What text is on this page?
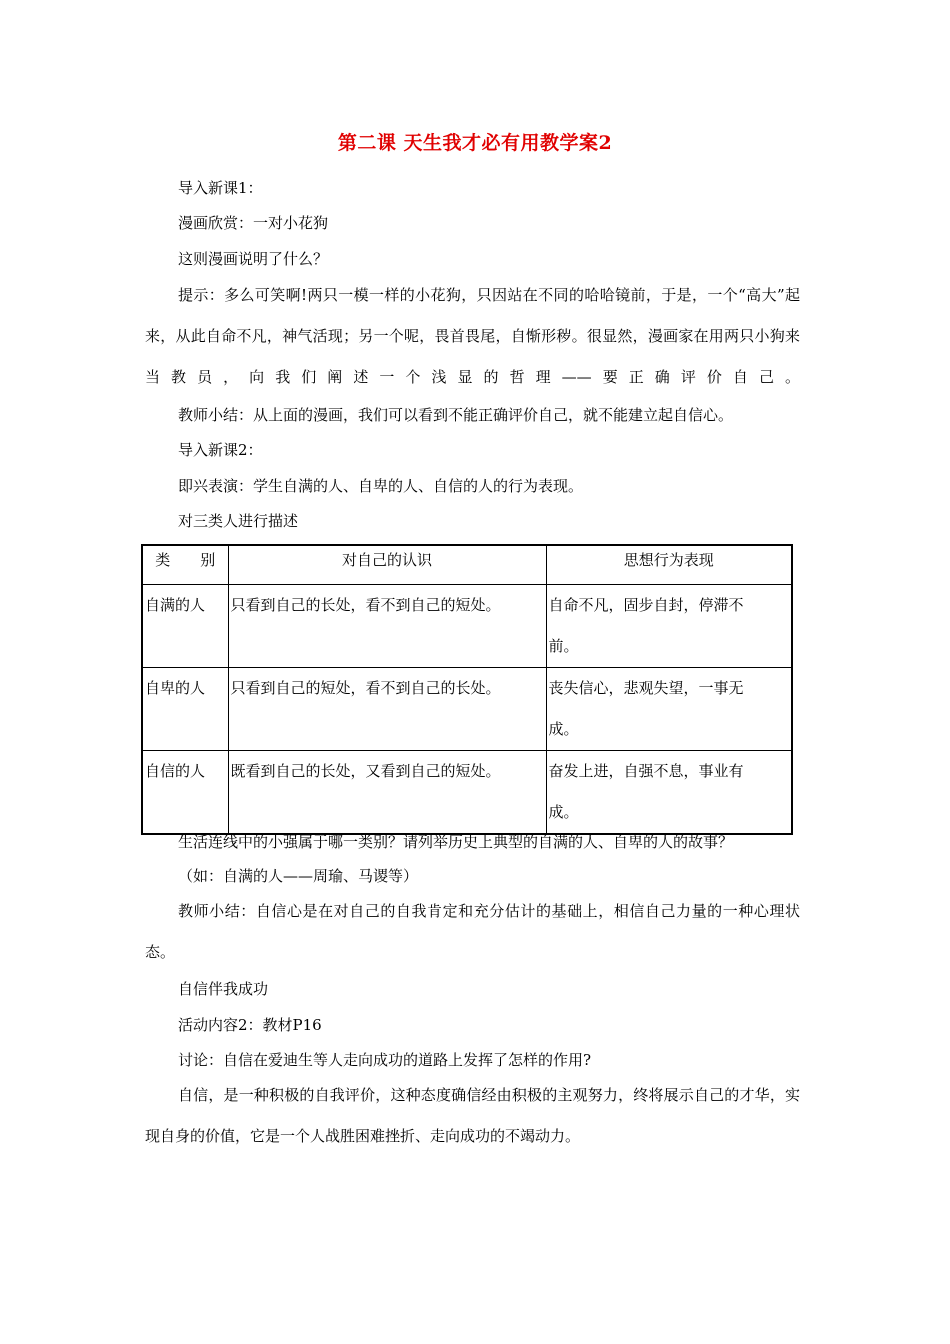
第二课 天生我才必有用教学案2
导入新课1：
漫画欣赏：一对小花狗
这则漫画说明了什么？
提示：多么可笑啊!两只一模一样的小花狗，只因站在不同的哈哈镜前，于是，一个“高大”起来，从此自命不凡，神气活现；另一个呢，畏首畏尾，自惭形秽。很显然，漫画家在用两只小狗来当教员，向我们阐述一个浅显的哲理——要正确评价自己。
教师小结：从上面的漫画，我们可以看到不能正确评价自己，就不能建立起自信心。
导入新课2：
即兴表演：学生自满的人、自卑的人、自信的人的行为表现。
对三类人进行描述
类　　别	对自己的认识	思想行为表现
自满的人	只看到自己的长处，看不到自己的短处。	自命不凡，固步自封，停滞不前。
自卑的人	只看到自己的短处，看不到自己的长处。	丧失信心，悲观失望，一事无成。
自信的人	既看到自己的长处，又看到自己的短处。	奋发上进，自强不息，事业有成。
生活连线中的小强属于哪一类别？请列举历史上典型的自满的人、自卑的人的故事？
（如：自满的人——周瑜、马谡等）
教师小结：自信心是在对自己的自我肯定和充分估计的基础上，相信自己力量的一种心理状态。
自信伴我成功
活动内容2：教材P16
讨论：自信在爱迪生等人走向成功的道路上发挥了怎样的作用?
自信，是一种积极的自我评价，这种态度确信经由积极的主观努力，终将展示自己的才华，实现自身的价值，它是一个人战胜困难挫折、走向成功的不竭动力。
